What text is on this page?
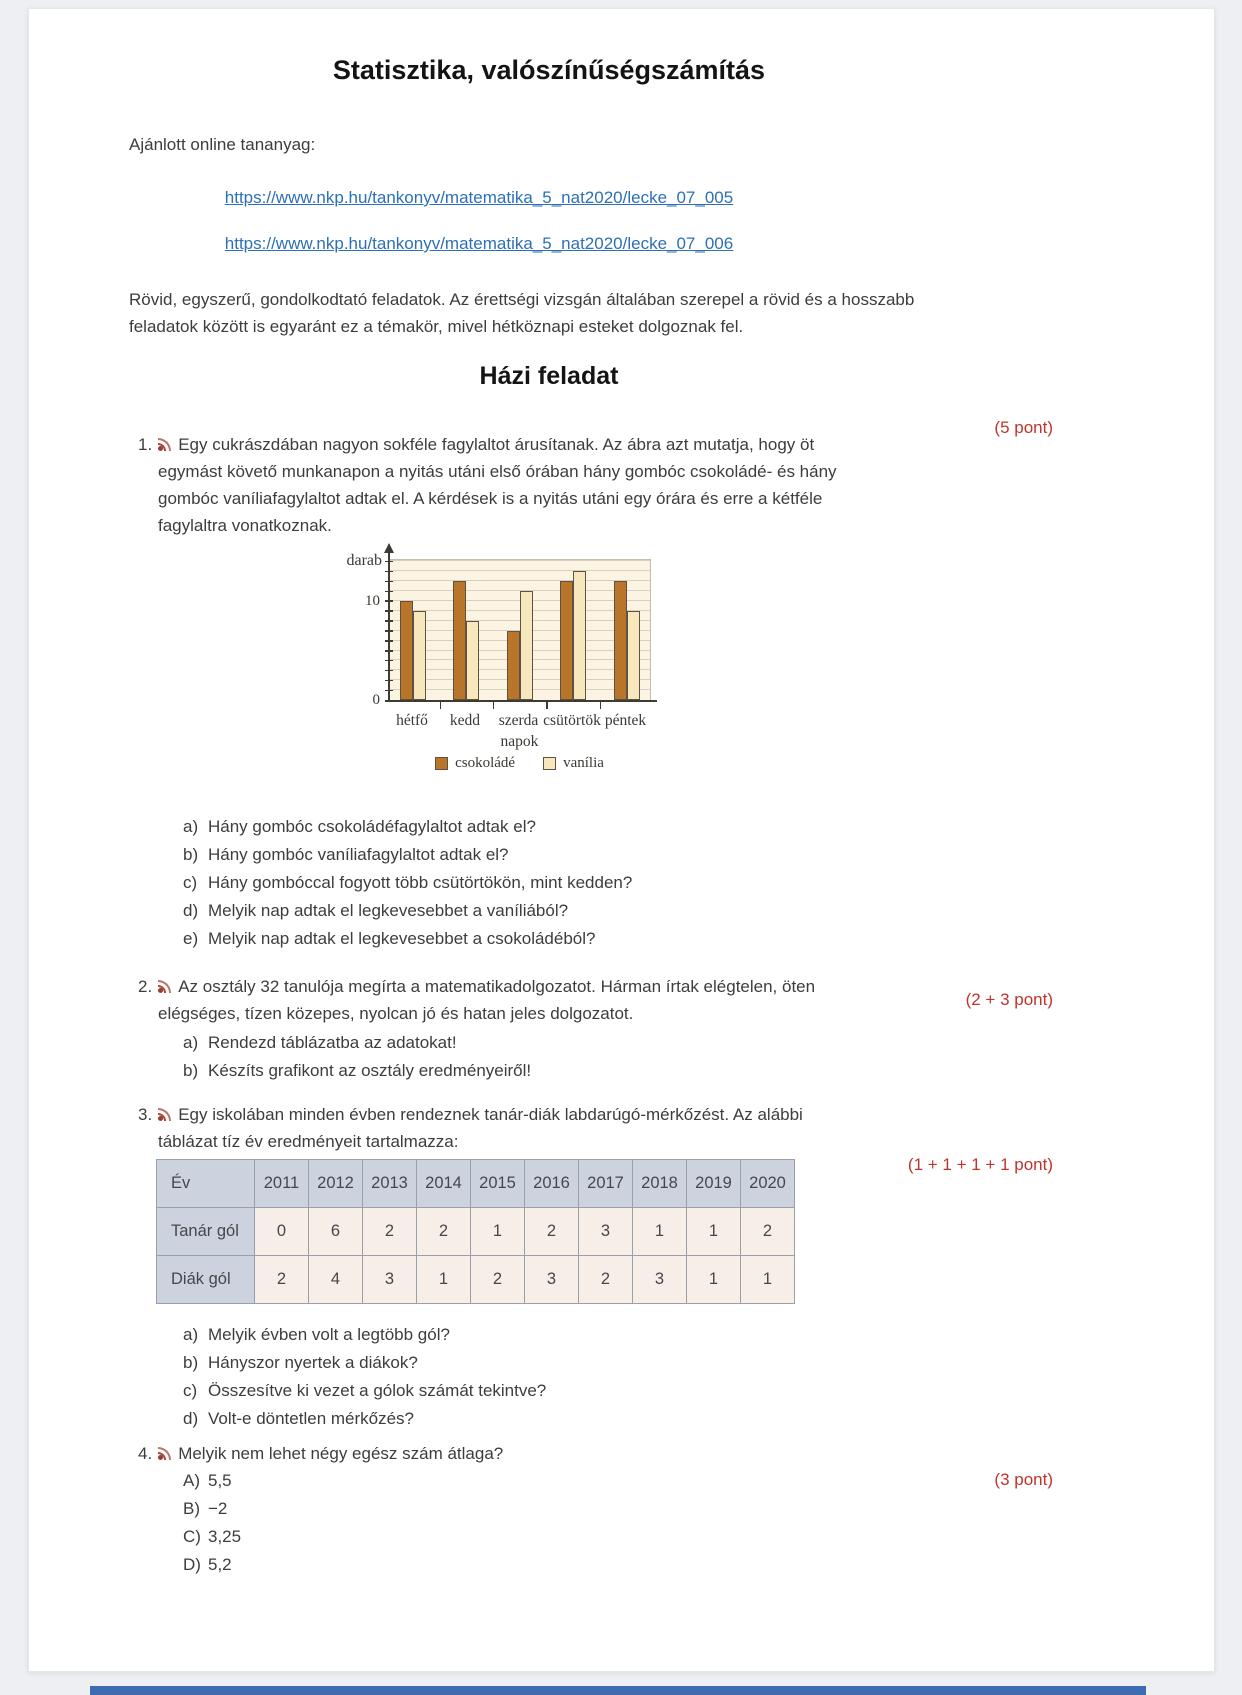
Statisztika, valószínűségszámítás

Ajánlott online tananyag:

https://www.nkp.hu/tankonyv/matematika_5_nat2020/lecke_07_005
https://www.nkp.hu/tankonyv/matematika_5_nat2020/lecke_07_006

Rövid, egyszerű, gondolkodtató feladatok. Az érettségi vizsgán általában szerepel a rövid és a hosszabb feladatok között is egyaránt ez a témakör, mivel hétköznapi esteket dolgoznak fel.

Házi feladat
(5 pont)

1. Egy cukrászdában nagyon sokféle fagylaltot árusítanak. Az ábra azt mutatja, hogy öt egymást követő munkanapon a nyitás utáni első órában hány gombóc csokoládé- és hány gombóc vaníliafagylaltot adtak el. A kérdések is a nyitás utáni egy órára és erre a kétféle fagylaltra vonatkoznak.

darab
napok
csokoládé	vanília
hétfő	kedd	szerda csütörtök péntek
0
10
a) Hány gombóc csokoládéfagylaltot adtak el?
b) Hány gombóc vaníliafagylaltot adtak el?
c) Hány gombóccal fogyott több csütörtökön, mint kedden?
d) Melyik nap adtak el legkevesebbet a vaníliából?
e) Melyik nap adtak el legkevesebbet a csokoládéból?
(2 + 3 pont)

2. Az osztály 32 tanulója megírta a matematikadolgozatot. Hárman írtak elégtelen, öten elégséges, tízen közepes, nyolcan jó és hatan jeles dolgozatot.

a) Rendezd táblázatba az adatokat!
b) Készíts grafikont az osztály eredményeiről!
(1 + 1 + 1 + 1 pont)

3. Egy iskolában minden évben rendeznek tanár-diák labdarúgó-mérkőzést. Az alábbi táblázat tíz év eredményeit tartalmazza:

Év	2011	2012	2013	2014	2015	2016	2017	2018	2019	2020
Tanár gól	0	6	2	2	1	2	3	1	1	2
Diák gól	2	4	3	1	2	3	2	3	1	1
a) Melyik évben volt a legtöbb gól?
b) Hányszor nyertek a diákok?
c) Összesítve ki vezet a gólok számát tekintve?
d) Volt-e döntetlen mérkőzés?
(3 pont)

4. Melyik nem lehet négy egész szám átlaga?

A) 5,5
B) −2
C) 3,25
D) 5,2
